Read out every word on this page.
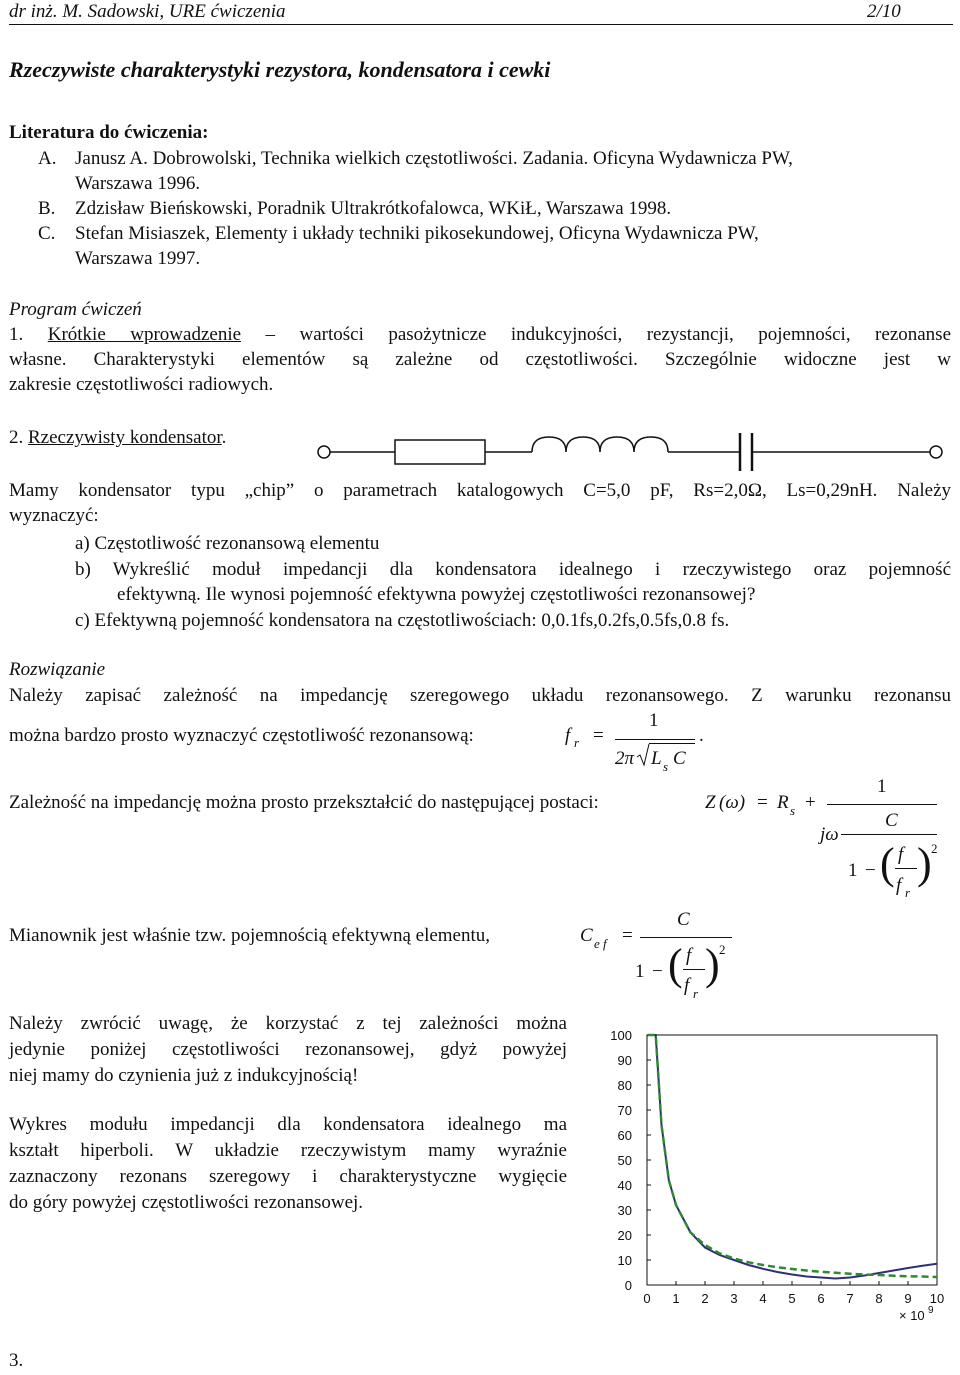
dr inż. M. Sadowski, URE ćwiczenia	2/10
Rzeczywiste charakterystyki rezystora, kondensatora i cewki
Literatura do ćwiczenia:
A. Janusz A. Dobrowolski, Technika wielkich częstotliwości. Zadania. Oficyna Wydawnicza PW,
Warszawa 1996.
B. Zdzisław Bieńskowski, Poradnik Ultrakrótkofalowca, WKiŁ, Warszawa 1998.
C. Stefan Misiaszek, Elementy i układy techniki pikosekundowej, Oficyna Wydawnicza PW,
Warszawa 1997.
Program ćwiczeń
1. Krótkie wprowadzenie – wartości pasożytnicze indukcyjności, rezystancji, pojemności, rezonanse
własne. Charakterystyki elementów są zależne od częstotliwości. Szczególnie widoczne jest w
zakresie częstotliwości radiowych.
2. Rzeczywisty kondensator.
Mamy kondensator typu „chip” o parametrach katalogowych C=5,0 pF, Rs=2,0Ω, Ls=0,29nH. Należy
wyznaczyć:
a) Częstotliwość rezonansową elementu
b) Wykreślić moduł impedancji dla kondensatora idealnego i rzeczywistego oraz pojemność
efektywną. Ile wynosi pojemność efektywna powyżej częstotliwości rezonansowej?
c) Efektywną pojemność kondensatora na częstotliwościach: 0,0.1fs,0.2fs,0.5fs,0.8 fs.
Rozwiązanie
Należy zapisać zależność na impedancję szeregowego układu rezonansowego. Z warunku rezonansu
można bardzo prosto wyznaczyć częstotliwość rezonansową:	f r =
1
2π L s C
.
Zależność na impedancję można prosto przekształcić do następującej postaci:	Z (ω) = R s +
1
jω
C
1 − ( f
f r
) 2
Mianownik jest właśnie tzw. pojemnością efektywną elementu,	C e f =
C
1 − ( f
f r
) 2
Należy zwrócić uwagę, że korzystać z tej zależności można
jedynie poniżej częstotliwości rezonansowej, gdyż powyżej
niej mamy do czynienia już z indukcyjnością!
Wykres modułu impedancji dla kondensatora idealnego ma
kształt hiperboli. W układzie rzeczywistym mamy wyraźnie
zaznaczony rezonans szeregowy i charakterystyczne wygięcie
do góry powyżej częstotliwości rezonansowej.
0
10
20
30
40
50
60
70
80
90
100
0 1 2 3 4 5 6 7 8 9 10
× 10 9
3.
